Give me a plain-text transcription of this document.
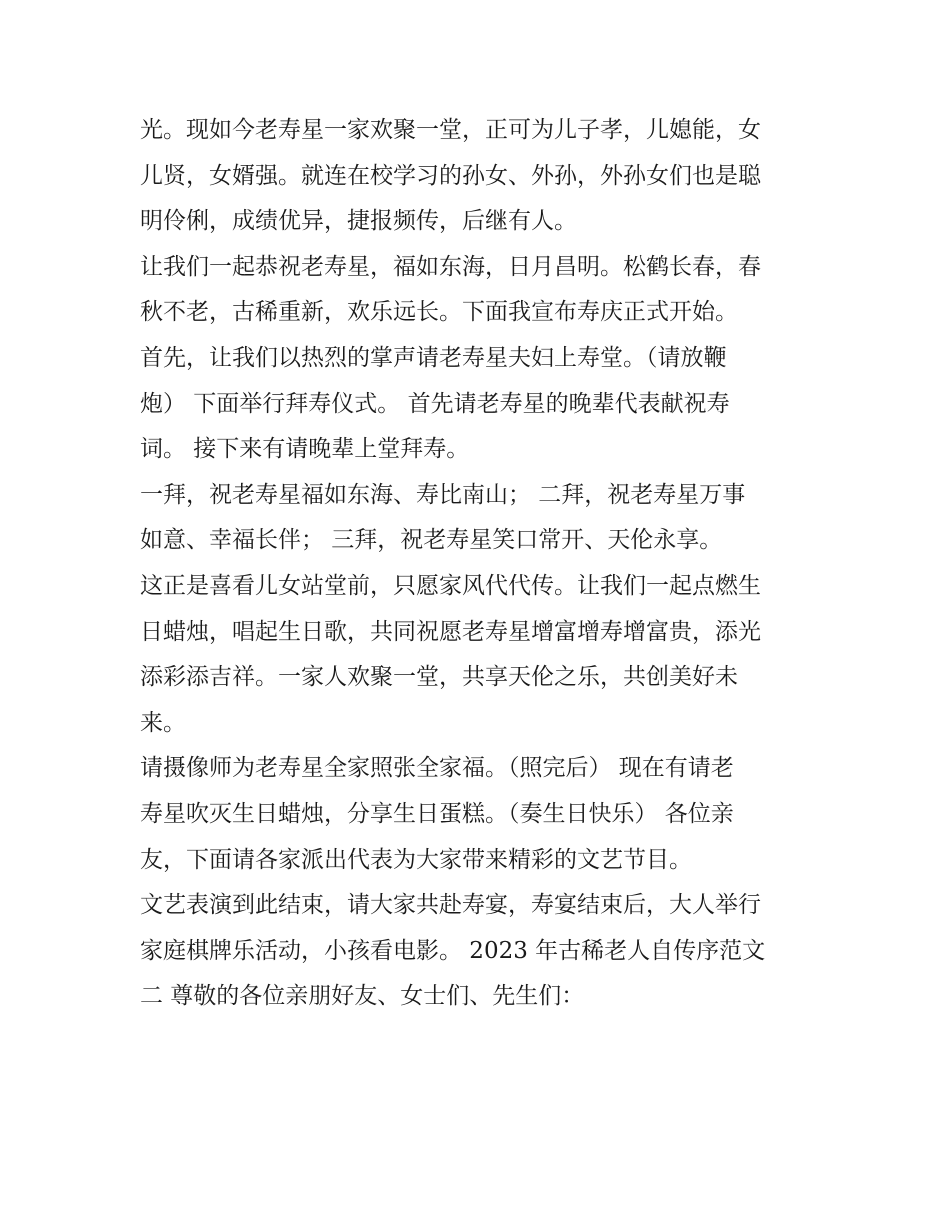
光。现如今老寿星一家欢聚一堂，正可为儿子孝，儿媳能，女
儿贤，女婿强。就连在校学习的孙女、外孙，外孙女们也是聪
明伶俐，成绩优异，捷报频传，后继有人。
让我们一起恭祝老寿星，福如东海，日月昌明。松鹤长春，春
秋不老，古稀重新，欢乐远长。下面我宣布寿庆正式开始。
首先，让我们以热烈的掌声请老寿星夫妇上寿堂。（请放鞭
炮） 下面举行拜寿仪式。 首先请老寿星的晚辈代表献祝寿
词。 接下来有请晚辈上堂拜寿。
一拜，祝老寿星福如东海、寿比南山； 二拜，祝老寿星万事
如意、幸福长伴； 三拜，祝老寿星笑口常开、天伦永享。
这正是喜看儿女站堂前，只愿家风代代传。让我们一起点燃生
日蜡烛，唱起生日歌，共同祝愿老寿星增富增寿增富贵，添光
添彩添吉祥。一家人欢聚一堂，共享天伦之乐，共创美好未
来。
请摄像师为老寿星全家照张全家福。（照完后） 现在有请老
寿星吹灭生日蜡烛，分享生日蛋糕。（奏生日快乐） 各位亲
友，下面请各家派出代表为大家带来精彩的文艺节目。
文艺表演到此结束，请大家共赴寿宴，寿宴结束后，大人举行
家庭棋牌乐活动，小孩看电影。 2023 年古稀老人自传序范文
二 尊敬的各位亲朋好友、女士们、先生们：
